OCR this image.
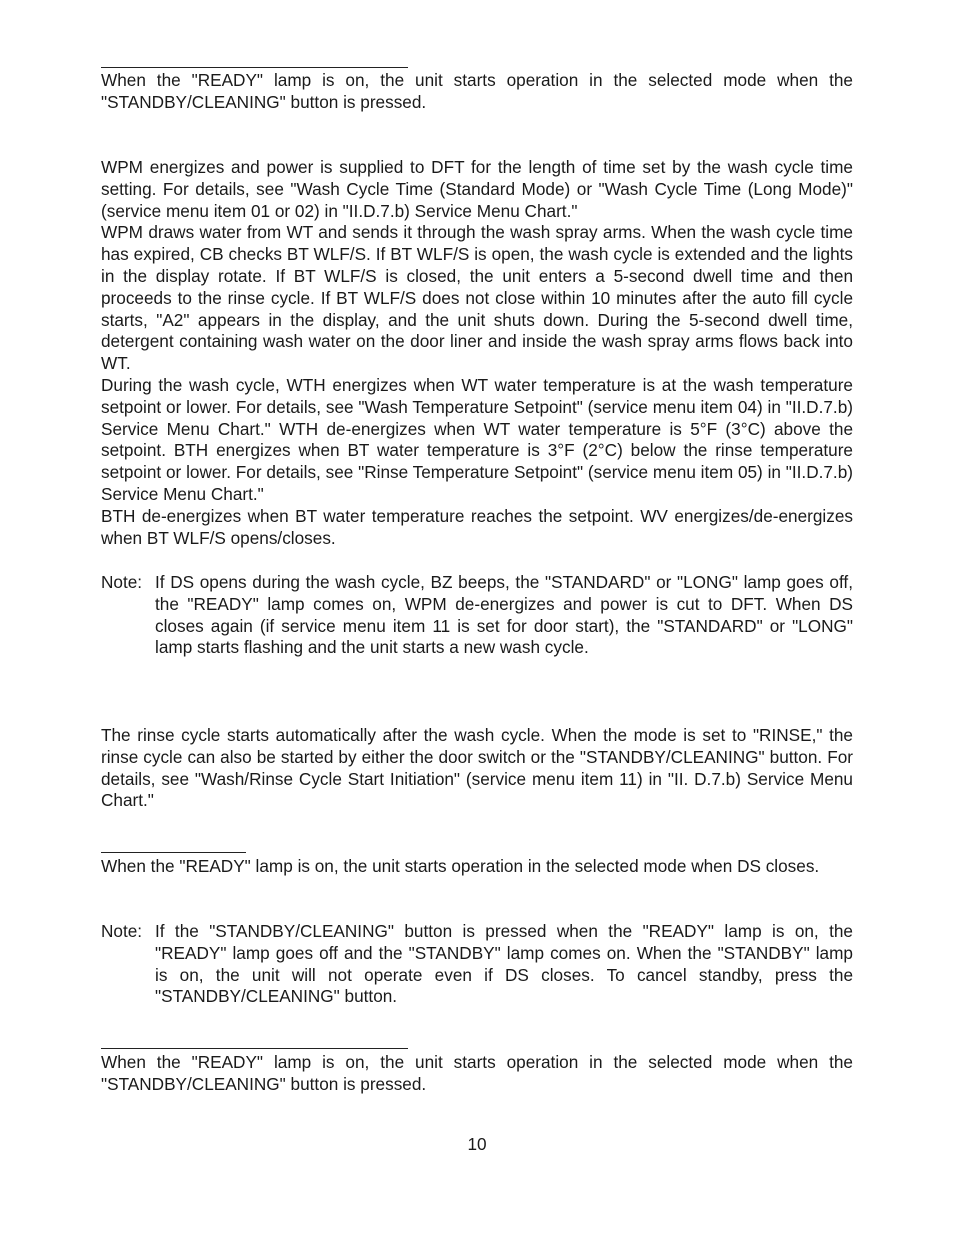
When the "READY" lamp is on, the unit starts operation in the selected mode when the "STANDBY/CLEANING" button is pressed.

WPM energizes and power is supplied to DFT for the length of time set by the wash cycle time setting. For details, see "Wash Cycle Time (Standard Mode) or "Wash Cycle Time (Long Mode)" (service menu item 01 or 02) in "II.D.7.b) Service Menu Chart."

WPM draws water from WT and sends it through the wash spray arms. When the wash cycle time has expired, CB checks BT WLF/S. If BT WLF/S is open, the wash cycle is extended and the lights in the display rotate. If BT WLF/S is closed, the unit enters a 5-second dwell time and then proceeds to the rinse cycle. If BT WLF/S does not close within 10 minutes after the auto fill cycle starts, "A2" appears in the display, and the unit shuts down. During the 5-second dwell time, detergent containing wash water on the door liner and inside the wash spray arms flows back into WT.

During the wash cycle, WTH energizes when WT water temperature is at the wash temperature setpoint or lower. For details, see "Wash Temperature Setpoint" (service menu item 04) in "II.D.7.b) Service Menu Chart." WTH de-energizes when WT water temperature is 5°F (3°C) above the setpoint. BTH energizes when BT water temperature is 3°F (2°C) below the rinse temperature setpoint or lower. For details, see "Rinse Temperature Setpoint" (service menu item 05) in "II.D.7.b) Service Menu Chart."

BTH de-energizes when BT water temperature reaches the setpoint. WV energizes/de-energizes when BT WLF/S opens/closes.

Note: If DS opens during the wash cycle, BZ beeps, the "STANDARD" or "LONG" lamp goes off, the "READY" lamp comes on, WPM de-energizes and power is cut to DFT. When DS closes again (if service menu item 11 is set for door start), the "STANDARD" or "LONG" lamp starts flashing and the unit starts a new wash cycle.

The rinse cycle starts automatically after the wash cycle. When the mode is set to "RINSE," the rinse cycle can also be started by either the door switch or the "STANDBY/CLEANING" button. For details, see "Wash/Rinse Cycle Start Initiation" (service menu item 11) in "II. D.7.b) Service Menu Chart."

When the "READY" lamp is on, the unit starts operation in the selected mode when DS closes.

Note: If the "STANDBY/CLEANING" button is pressed when the "READY" lamp is on, the "READY" lamp goes off and the "STANDBY" lamp comes on. When the "STANDBY" lamp is on, the unit will not operate even if DS closes. To cancel standby, press the "STANDBY/CLEANING" button.

When the "READY" lamp is on, the unit starts operation in the selected mode when the "STANDBY/CLEANING" button is pressed.

10
